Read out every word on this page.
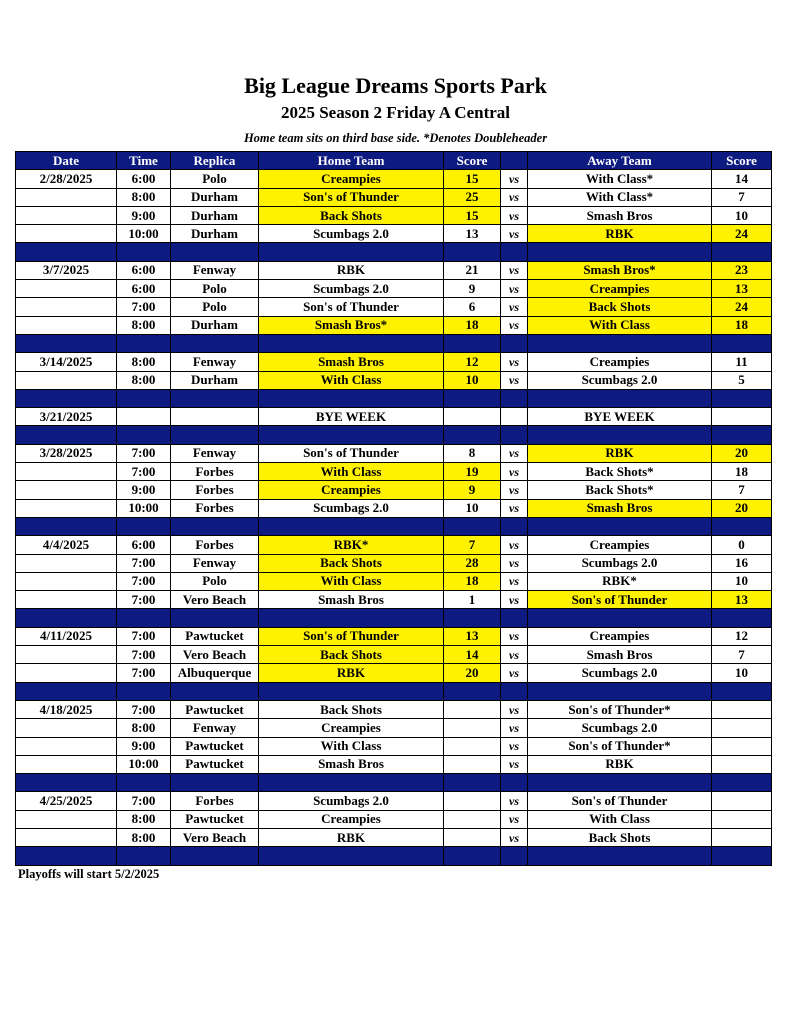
Big League Dreams Sports Park
2025 Season 2 Friday A Central
Home team sits on third base side. *Denotes Doubleheader
Date	Time	Replica	Home Team	Score		Away Team	Score
2/28/2025	6:00	Polo	Creampies	15	vs	With Class*	14
	8:00	Durham	Son's of Thunder	25	vs	With Class*	7
	9:00	Durham	Back Shots	15	vs	Smash Bros	10
	10:00	Durham	Scumbags 2.0	13	vs	RBK	24

3/7/2025	6:00	Fenway	RBK	21	vs	Smash Bros*	23
	6:00	Polo	Scumbags 2.0	9	vs	Creampies	13
	7:00	Polo	Son's of Thunder	6	vs	Back Shots	24
	8:00	Durham	Smash Bros*	18	vs	With Class	18

3/14/2025	8:00	Fenway	Smash Bros	12	vs	Creampies	11
	8:00	Durham	With Class	10	vs	Scumbags 2.0	5

3/21/2025			BYE WEEK			BYE WEEK	

3/28/2025	7:00	Fenway	Son's of Thunder	8	vs	RBK	20
	7:00	Forbes	With Class	19	vs	Back Shots*	18
	9:00	Forbes	Creampies	9	vs	Back Shots*	7
	10:00	Forbes	Scumbags 2.0	10	vs	Smash Bros	20

4/4/2025	6:00	Forbes	RBK*	7	vs	Creampies	0
	7:00	Fenway	Back Shots	28	vs	Scumbags 2.0	16
	7:00	Polo	With Class	18	vs	RBK*	10
	7:00	Vero Beach	Smash Bros	1	vs	Son's of Thunder	13

4/11/2025	7:00	Pawtucket	Son's of Thunder	13	vs	Creampies	12
	7:00	Vero Beach	Back Shots	14	vs	Smash Bros	7
	7:00	Albuquerque	RBK	20	vs	Scumbags 2.0	10

4/18/2025	7:00	Pawtucket	Back Shots		vs	Son's of Thunder*	
	8:00	Fenway	Creampies		vs	Scumbags 2.0	
	9:00	Pawtucket	With Class		vs	Son's of Thunder*	
	10:00	Pawtucket	Smash Bros		vs	RBK	

4/25/2025	7:00	Forbes	Scumbags 2.0		vs	Son's of Thunder	
	8:00	Pawtucket	Creampies		vs	With Class	
	8:00	Vero Beach	RBK		vs	Back Shots	

Playoffs will start 5/2/2025
